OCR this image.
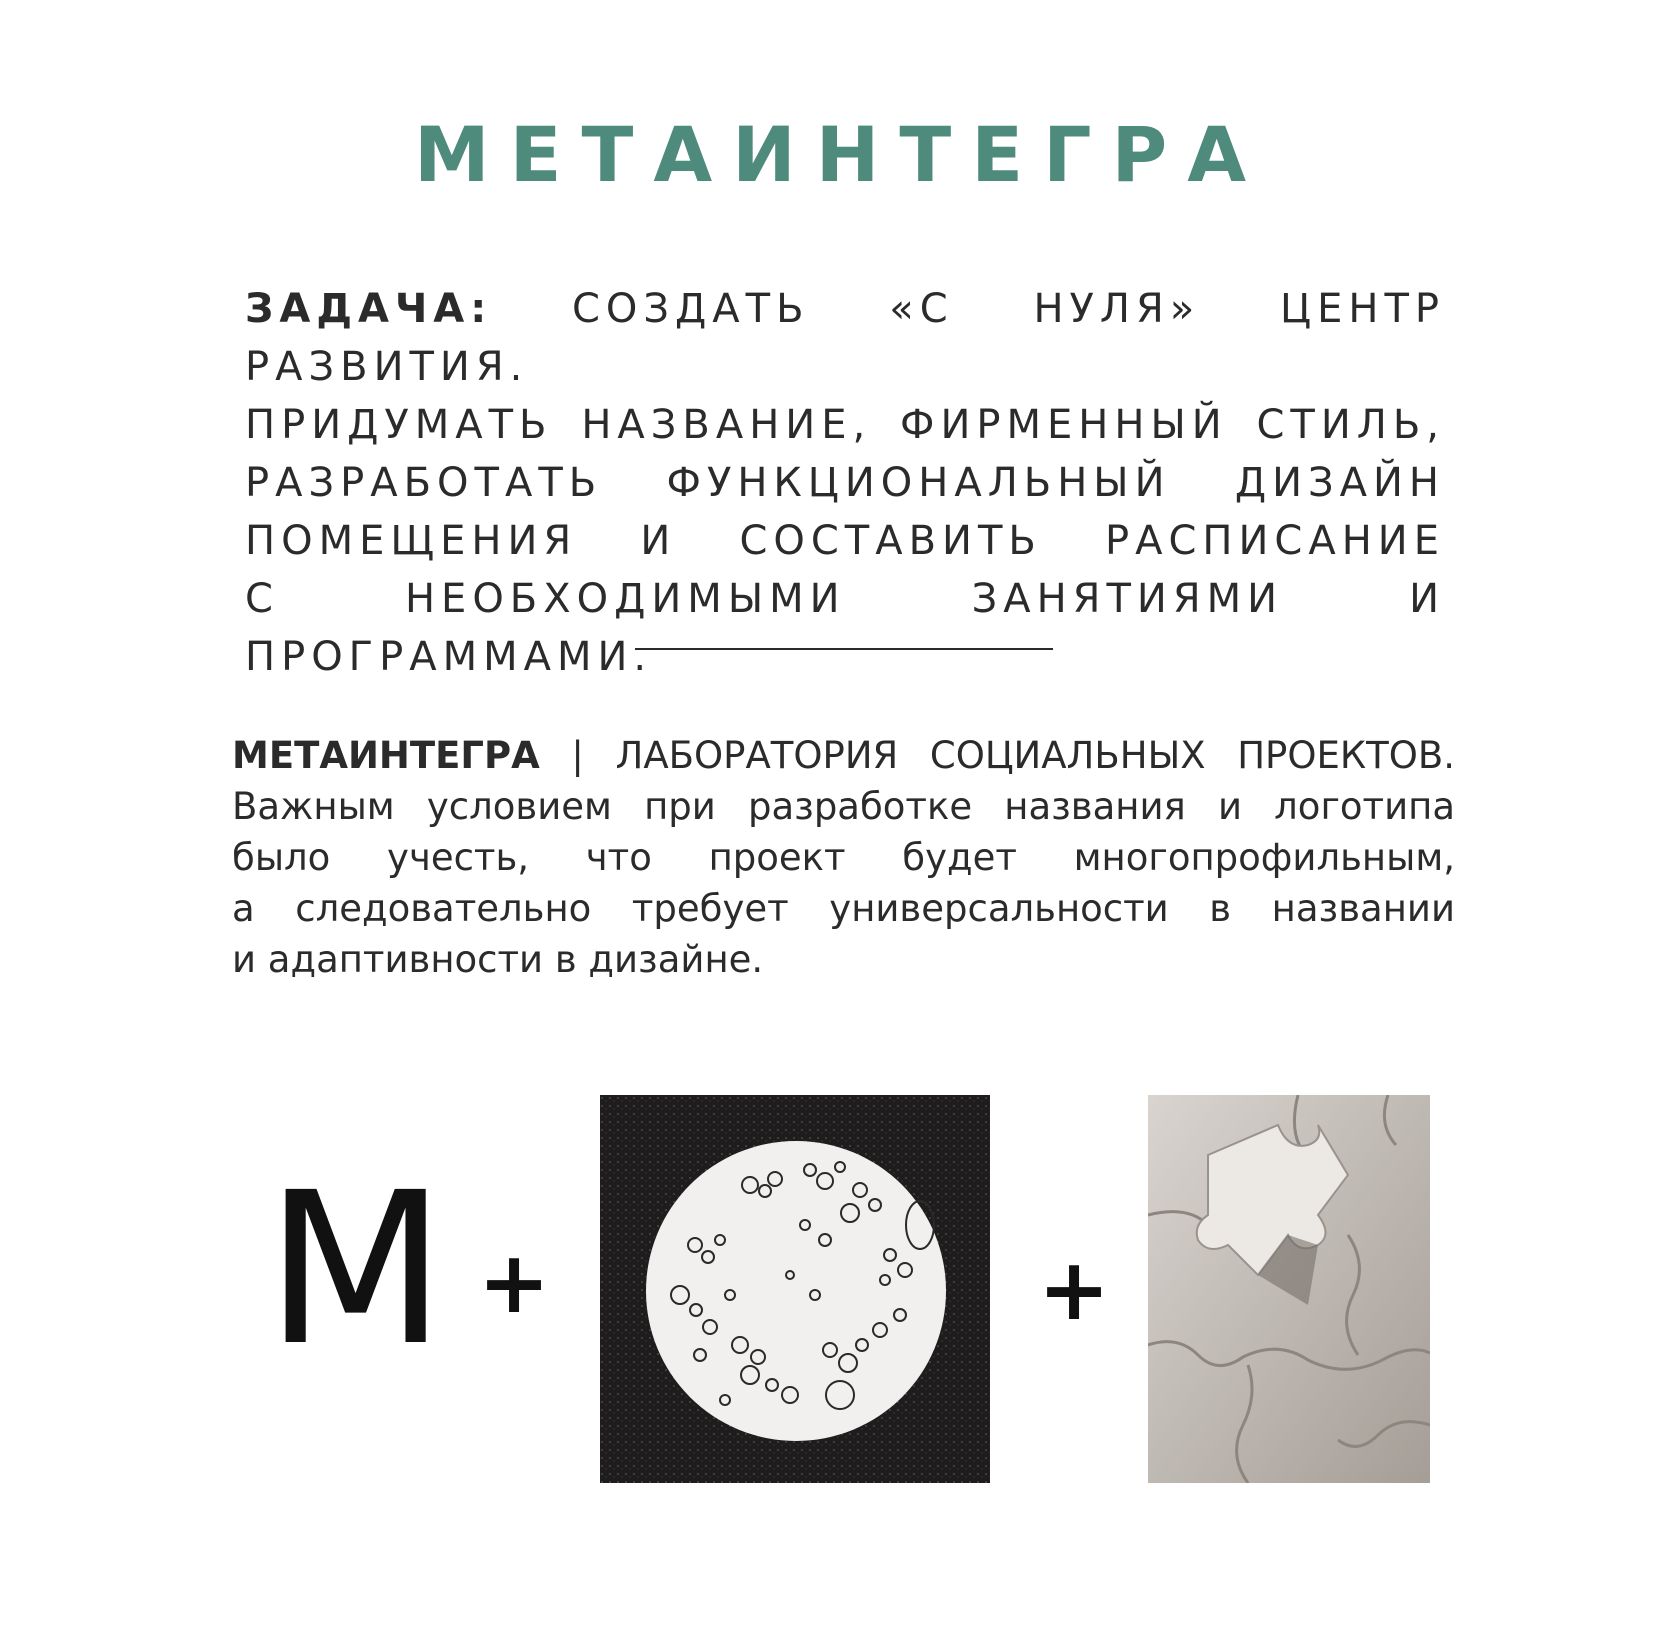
МЕТАИНТЕГРА
ЗАДАЧА: СОЗДАТЬ «С НУЛЯ» ЦЕНТР РАЗВИТИЯ.
ПРИДУМАТЬ НАЗВАНИЕ, ФИРМЕННЫЙ СТИЛЬ,
РАЗРАБОТАТЬ ФУНКЦИОНАЛЬНЫЙ ДИЗАЙН
ПОМЕЩЕНИЯ И СОСТАВИТЬ РАСПИСАНИЕ
С НЕОБХОДИМЫМИ ЗАНЯТИЯМИ И ПРОГРАММАМИ.
МЕТАИНТЕГРА | ЛАБОРАТОРИЯ СОЦИАЛЬНЫХ ПРОЕКТОВ.
Важным условием при разработке названия и логотипа
было учесть, что проект будет многопрофильным,
а следовательно требует универсальности в названии
и адаптивности в дизайне.
М +	+
